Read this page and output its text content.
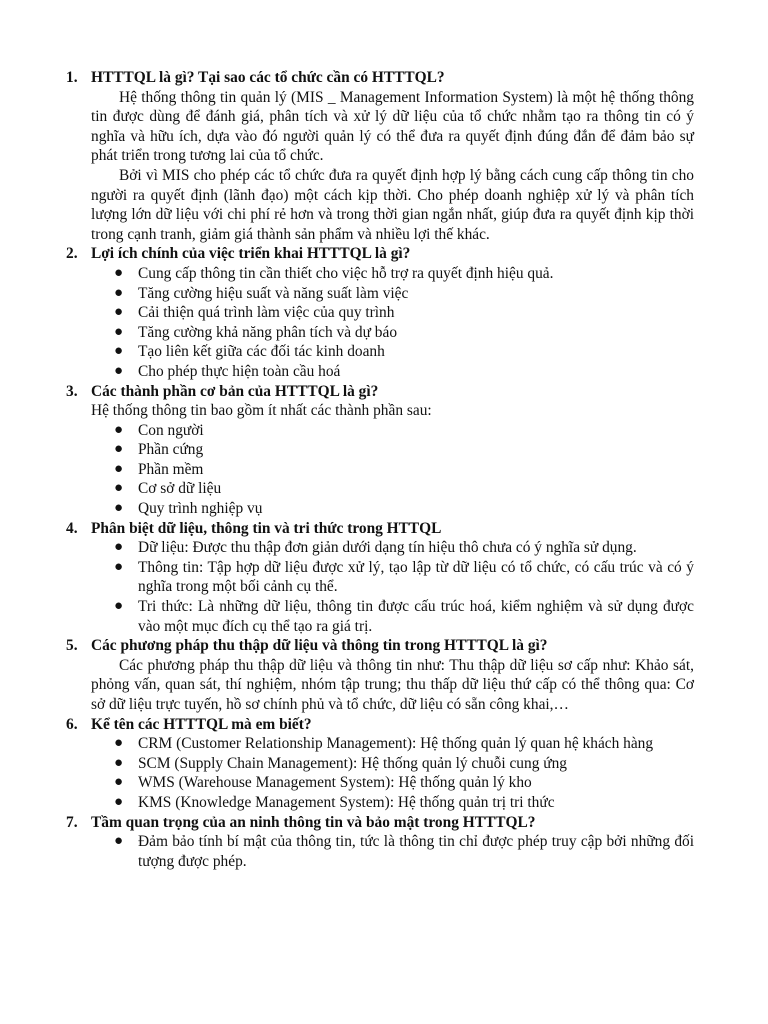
1. HTTTQL là gì? Tại sao các tổ chức cần có HTTTQL?

Hệ thống thông tin quản lý (MIS _ Management Information System) là một hệ thống thông tin được dùng để đánh giá, phân tích và xử lý dữ liệu của tổ chức nhằm tạo ra thông tin có ý nghĩa và hữu ích, dựa vào đó người quản lý có thể đưa ra quyết định đúng đắn để đảm bảo sự phát triển trong tương lai của tổ chức.

Bởi vì MIS cho phép các tổ chức đưa ra quyết định hợp lý bằng cách cung cấp thông tin cho người ra quyết định (lãnh đạo) một cách kịp thời. Cho phép doanh nghiệp xử lý và phân tích lượng lớn dữ liệu với chi phí rẻ hơn và trong thời gian ngắn nhất, giúp đưa ra quyết định kịp thời trong cạnh tranh, giảm giá thành sản phẩm và nhiều lợi thế khác.

2. Lợi ích chính của việc triển khai HTTTQL là gì?
● Cung cấp thông tin cần thiết cho việc hỗ trợ ra quyết định hiệu quả.
● Tăng cường hiệu suất và năng suất làm việc
● Cải thiện quá trình làm việc của quy trình
● Tăng cường khả năng phân tích và dự báo
● Tạo liên kết giữa các đối tác kinh doanh
● Cho phép thực hiện toàn cầu hoá
3. Các thành phần cơ bản của HTTTQL là gì?

Hệ thống thông tin bao gồm ít nhất các thành phần sau:

● Con người
● Phần cứng
● Phần mềm
● Cơ sở dữ liệu
● Quy trình nghiệp vụ
4. Phân biệt dữ liệu, thông tin và tri thức trong HTTQL
● Dữ liệu: Được thu thập đơn giản dưới dạng tín hiệu thô chưa có ý nghĩa sử dụng.
● Thông tin: Tập hợp dữ liệu được xử lý, tạo lập từ dữ liệu có tổ chức, có cấu trúc và có ý nghĩa trong một bối cảnh cụ thể.
● Tri thức: Là những dữ liệu, thông tin được cấu trúc hoá, kiểm nghiệm và sử dụng được vào một mục đích cụ thể tạo ra giá trị.
5. Các phương pháp thu thập dữ liệu và thông tin trong HTTTQL là gì?

Các phương pháp thu thập dữ liệu và thông tin như: Thu thập dữ liệu sơ cấp như: Khảo sát, phỏng vấn, quan sát, thí nghiệm, nhóm tập trung; thu thấp dữ liệu thứ cấp có thể thông qua: Cơ sở dữ liệu trực tuyến, hồ sơ chính phủ và tổ chức, dữ liệu có sẵn công khai,…

6. Kể tên các HTTTQL mà em biết?
● CRM (Customer Relationship Management): Hệ thống quản lý quan hệ khách hàng
● SCM (Supply Chain Management): Hệ thống quản lý chuỗi cung ứng
● WMS (Warehouse Management System): Hệ thống quản lý kho
● KMS (Knowledge Management System): Hệ thống quản trị tri thức
7. Tầm quan trọng của an ninh thông tin và bảo mật trong HTTTQL?
● Đảm bảo tính bí mật của thông tin, tức là thông tin chỉ được phép truy cập bởi những đối tượng được phép.
